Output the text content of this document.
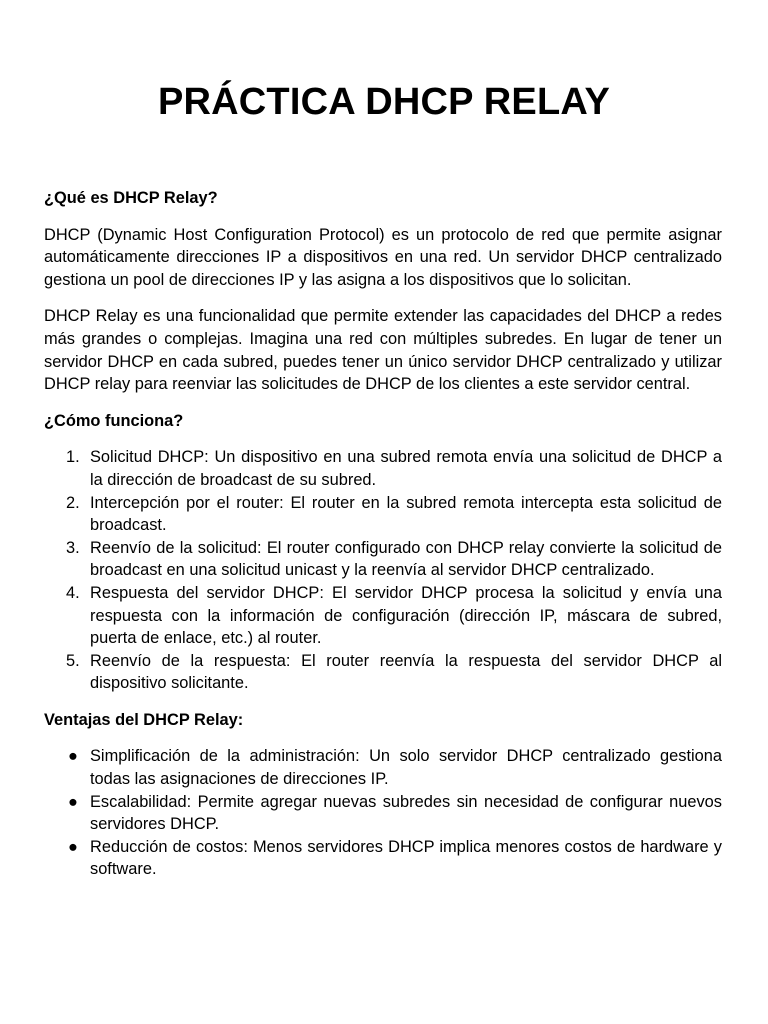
PRÁCTICA DHCP RELAY
¿Qué es DHCP Relay?

DHCP (Dynamic Host Configuration Protocol) es un protocolo de red que permite asignar automáticamente direcciones IP a dispositivos en una red. Un servidor DHCP centralizado gestiona un pool de direcciones IP y las asigna a los dispositivos que lo solicitan.

DHCP Relay es una funcionalidad que permite extender las capacidades del DHCP a redes más grandes o complejas. Imagina una red con múltiples subredes. En lugar de tener un servidor DHCP en cada subred, puedes tener un único servidor DHCP centralizado y utilizar DHCP relay para reenviar las solicitudes de DHCP de los clientes a este servidor central.

¿Cómo funciona?
1. Solicitud DHCP: Un dispositivo en una subred remota envía una solicitud de DHCP a la dirección de broadcast de su subred.
2. Intercepción por el router: El router en la subred remota intercepta esta solicitud de broadcast.
3. Reenvío de la solicitud: El router configurado con DHCP relay convierte la solicitud de broadcast en una solicitud unicast y la reenvía al servidor DHCP centralizado.
4. Respuesta del servidor DHCP: El servidor DHCP procesa la solicitud y envía una respuesta con la información de configuración (dirección IP, máscara de subred, puerta de enlace, etc.) al router.
5. Reenvío de la respuesta: El router reenvía la respuesta del servidor DHCP al dispositivo solicitante.
Ventajas del DHCP Relay:
● Simplificación de la administración: Un solo servidor DHCP centralizado gestiona todas las asignaciones de direcciones IP.
● Escalabilidad: Permite agregar nuevas subredes sin necesidad de configurar nuevos servidores DHCP.
● Reducción de costos: Menos servidores DHCP implica menores costos de hardware y software.
